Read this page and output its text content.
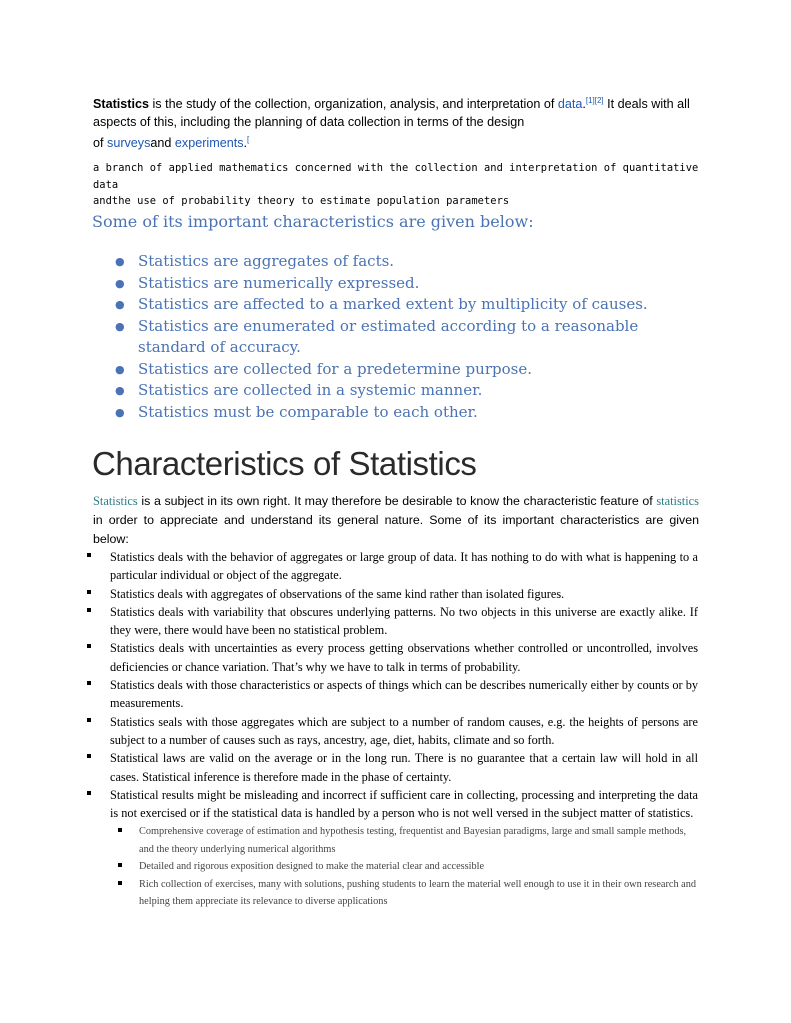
Statistics is the study of the collection, organization, analysis, and interpretation of data.[1][2] It deals with all aspects of this, including the planning of data collection in terms of the design
of surveysand experiments.[
a branch of applied mathematics concerned with the collection and interpretation of quantitative data
andthe use of probability theory to estimate population parameters
Some of its important characteristics are given below:
● Statistics are aggregates of facts.
● Statistics are numerically expressed.
● Statistics are affected to a marked extent by multiplicity of causes.
● Statistics are enumerated or estimated according to a reasonable standard of accuracy.
● Statistics are collected for a predetermine purpose.
● Statistics are collected in a systemic manner.
● Statistics must be comparable to each other.
Characteristics of Statistics
Statistics is a subject in its own right. It may therefore be desirable to know the characteristic feature of statistics in order to appreciate and understand its general nature. Some of its important characteristics are given below:
Statistics deals with the behavior of aggregates or large group of data. It has nothing to do with what is happening to a particular individual or object of the aggregate.
Statistics deals with aggregates of observations of the same kind rather than isolated figures.
Statistics deals with variability that obscures underlying patterns. No two objects in this universe are exactly alike. If they were, there would have been no statistical problem.
Statistics deals with uncertainties as every process getting observations whether controlled or uncontrolled, involves deficiencies or chance variation. That’s why we have to talk in terms of probability.
Statistics deals with those characteristics or aspects of things which can be describes numerically either by counts or by measurements.
Statistics seals with those aggregates which are subject to a number of random causes, e.g. the heights of persons are subject to a number of causes such as rays, ancestry, age, diet, habits, climate and so forth.
Statistical laws are valid on the average or in the long run. There is no guarantee that a certain law will hold in all cases. Statistical inference is therefore made in the phase of certainty.
Statistical results might be misleading and incorrect if sufficient care in collecting, processing and interpreting the data is not exercised or if the statistical data is handled by a person who is not well versed in the subject matter of statistics.
Comprehensive coverage of estimation and hypothesis testing, frequentist and Bayesian paradigms, large and small sample methods, and the theory underlying numerical algorithms
Detailed and rigorous exposition designed to make the material clear and accessible
Rich collection of exercises, many with solutions, pushing students to learn the material well enough to use it in their own research and helping them appreciate its relevance to diverse applications
